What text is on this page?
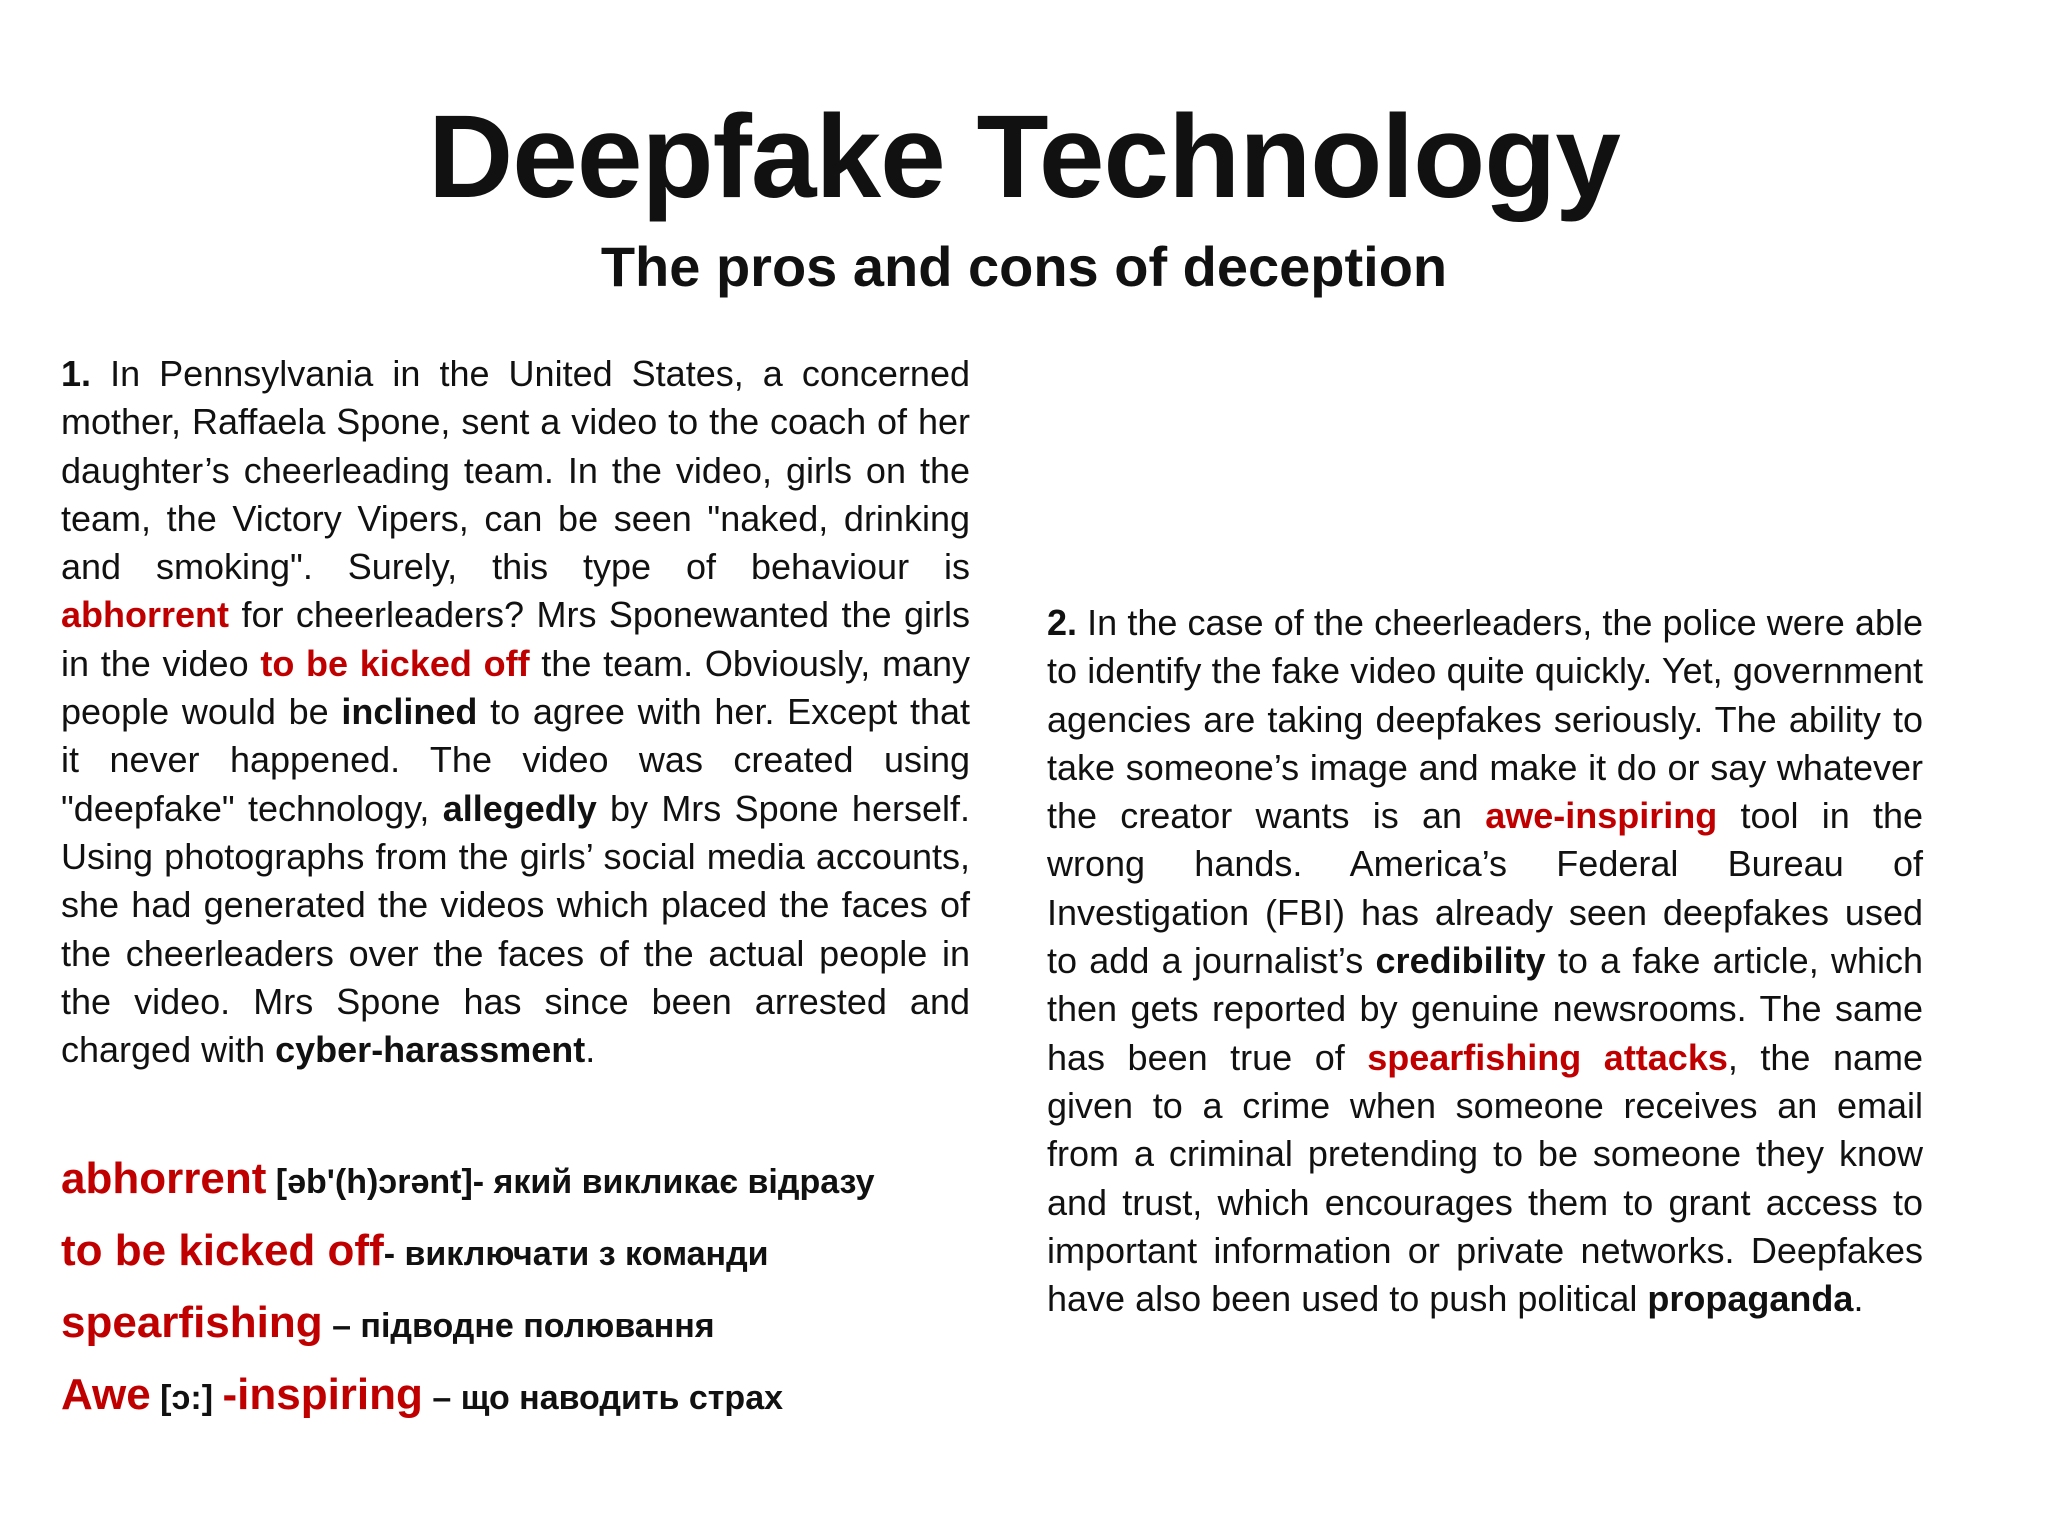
Deepfake Technology
The pros and cons of deception

1. In Pennsylvania in the United States, a concerned mother, Raffaela Spone, sent a video to the coach of her daughter’s cheerleading team. In the video, girls on the team, the Victory Vipers, can be seen "naked, drinking and smoking". Surely, this type of behaviour is abhorrent for cheerleaders? Mrs Sponewanted the girls in the video to be kicked off the team. Obviously, many people would be inclined to agree with her. Except that it never happened. The video was created using "deepfake" technology, allegedly by Mrs Spone herself. Using photographs from the girls’ social media accounts, she had generated the videos which placed the faces of the cheerleaders over the faces of the actual people in the video. Mrs Spone has since been arrested and charged with cyber-harassment.

2. In the case of the cheerleaders, the police were able to identify the fake video quite quickly. Yet, government agencies are taking deepfakes seriously. The ability to take someone’s image and make it do or say whatever the creator wants is an awe-inspiring tool in the wrong hands. America’s Federal Bureau of Investigation (FBI) has already seen deepfakes used to add a journalist’s credibility to a fake article, which then gets reported by genuine newsrooms. The same has been true of spearfishing attacks, the name given to a crime when someone receives an email from a criminal pretending to be someone they know and trust, which encourages them to grant access to important information or private networks. Deepfakes have also been used to push political propaganda.

abhorrent [əb'(h)ɔrənt]- який викликає відразу
to be kicked off- виключати з команди
spearfishing – підводне полювання
Awe [ɔ:] -inspiring – що наводить страх
